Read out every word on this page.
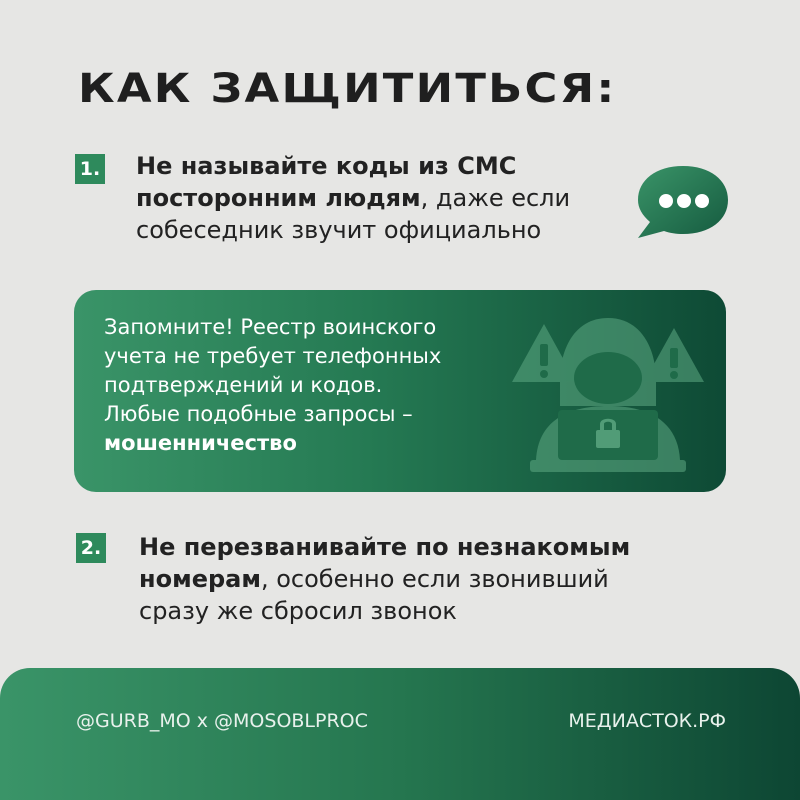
КАК ЗАЩИТИТЬСЯ:
1. Не называйте коды из СМС
посторонним людям, даже если
собеседник звучит официально
Запомните! Реестр воинского
учета не требует телефонных
подтверждений и кодов.
Любые подобные запросы –
мошенничество
2. Не перезванивайте по незнакомым
номерам, особенно если звонивший
сразу же сбросил звонок
@GURB_MO x @MOSOBLPROC	МЕДИАСТОК.РФ
